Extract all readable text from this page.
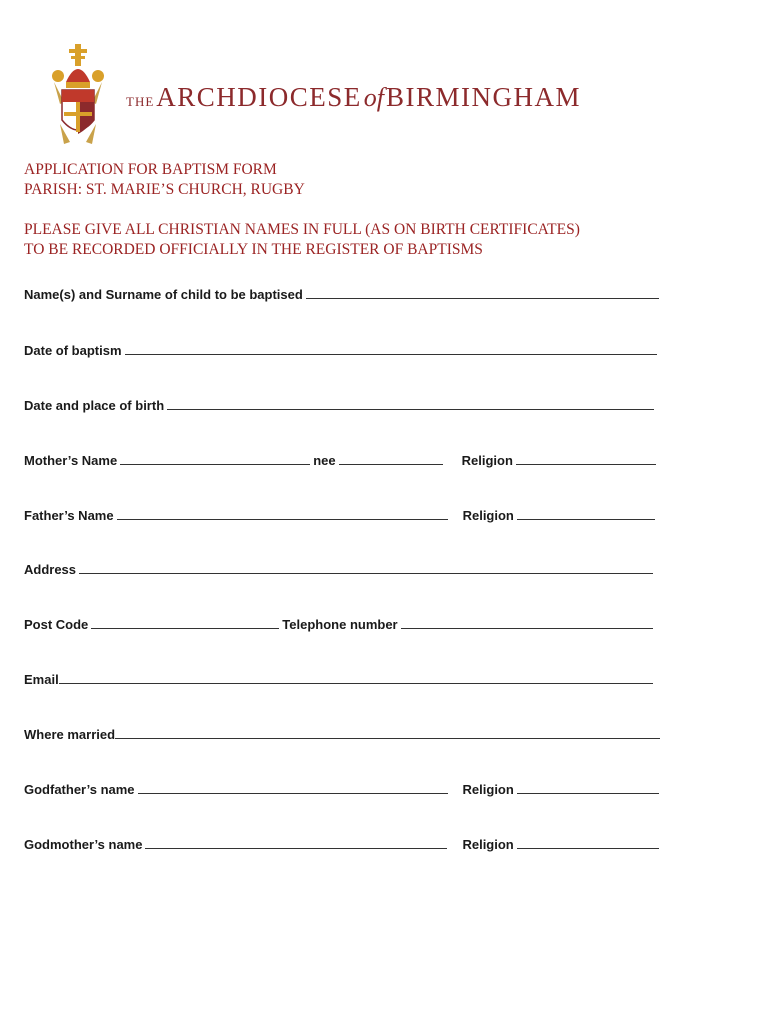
THEARCHDIOCESEofBIRMINGHAM
APPLICATION FOR BAPTISM FORM
PARISH: ST. MARIE’S CHURCH, RUGBY
PLEASE GIVE ALL CHRISTIAN NAMES IN FULL (AS ON BIRTH CERTIFICATES)
TO BE RECORDED OFFICIALLY IN THE REGISTER OF BAPTISMS
Name(s) and Surname of child to be baptised
Date of baptism
Date and place of birth
Mother’s Name	nee	Religion
Father’s Name	Religion
Address
Post Code	Telephone number
Email
Where married
Godfather’s name	Religion
Godmother’s name	Religion
